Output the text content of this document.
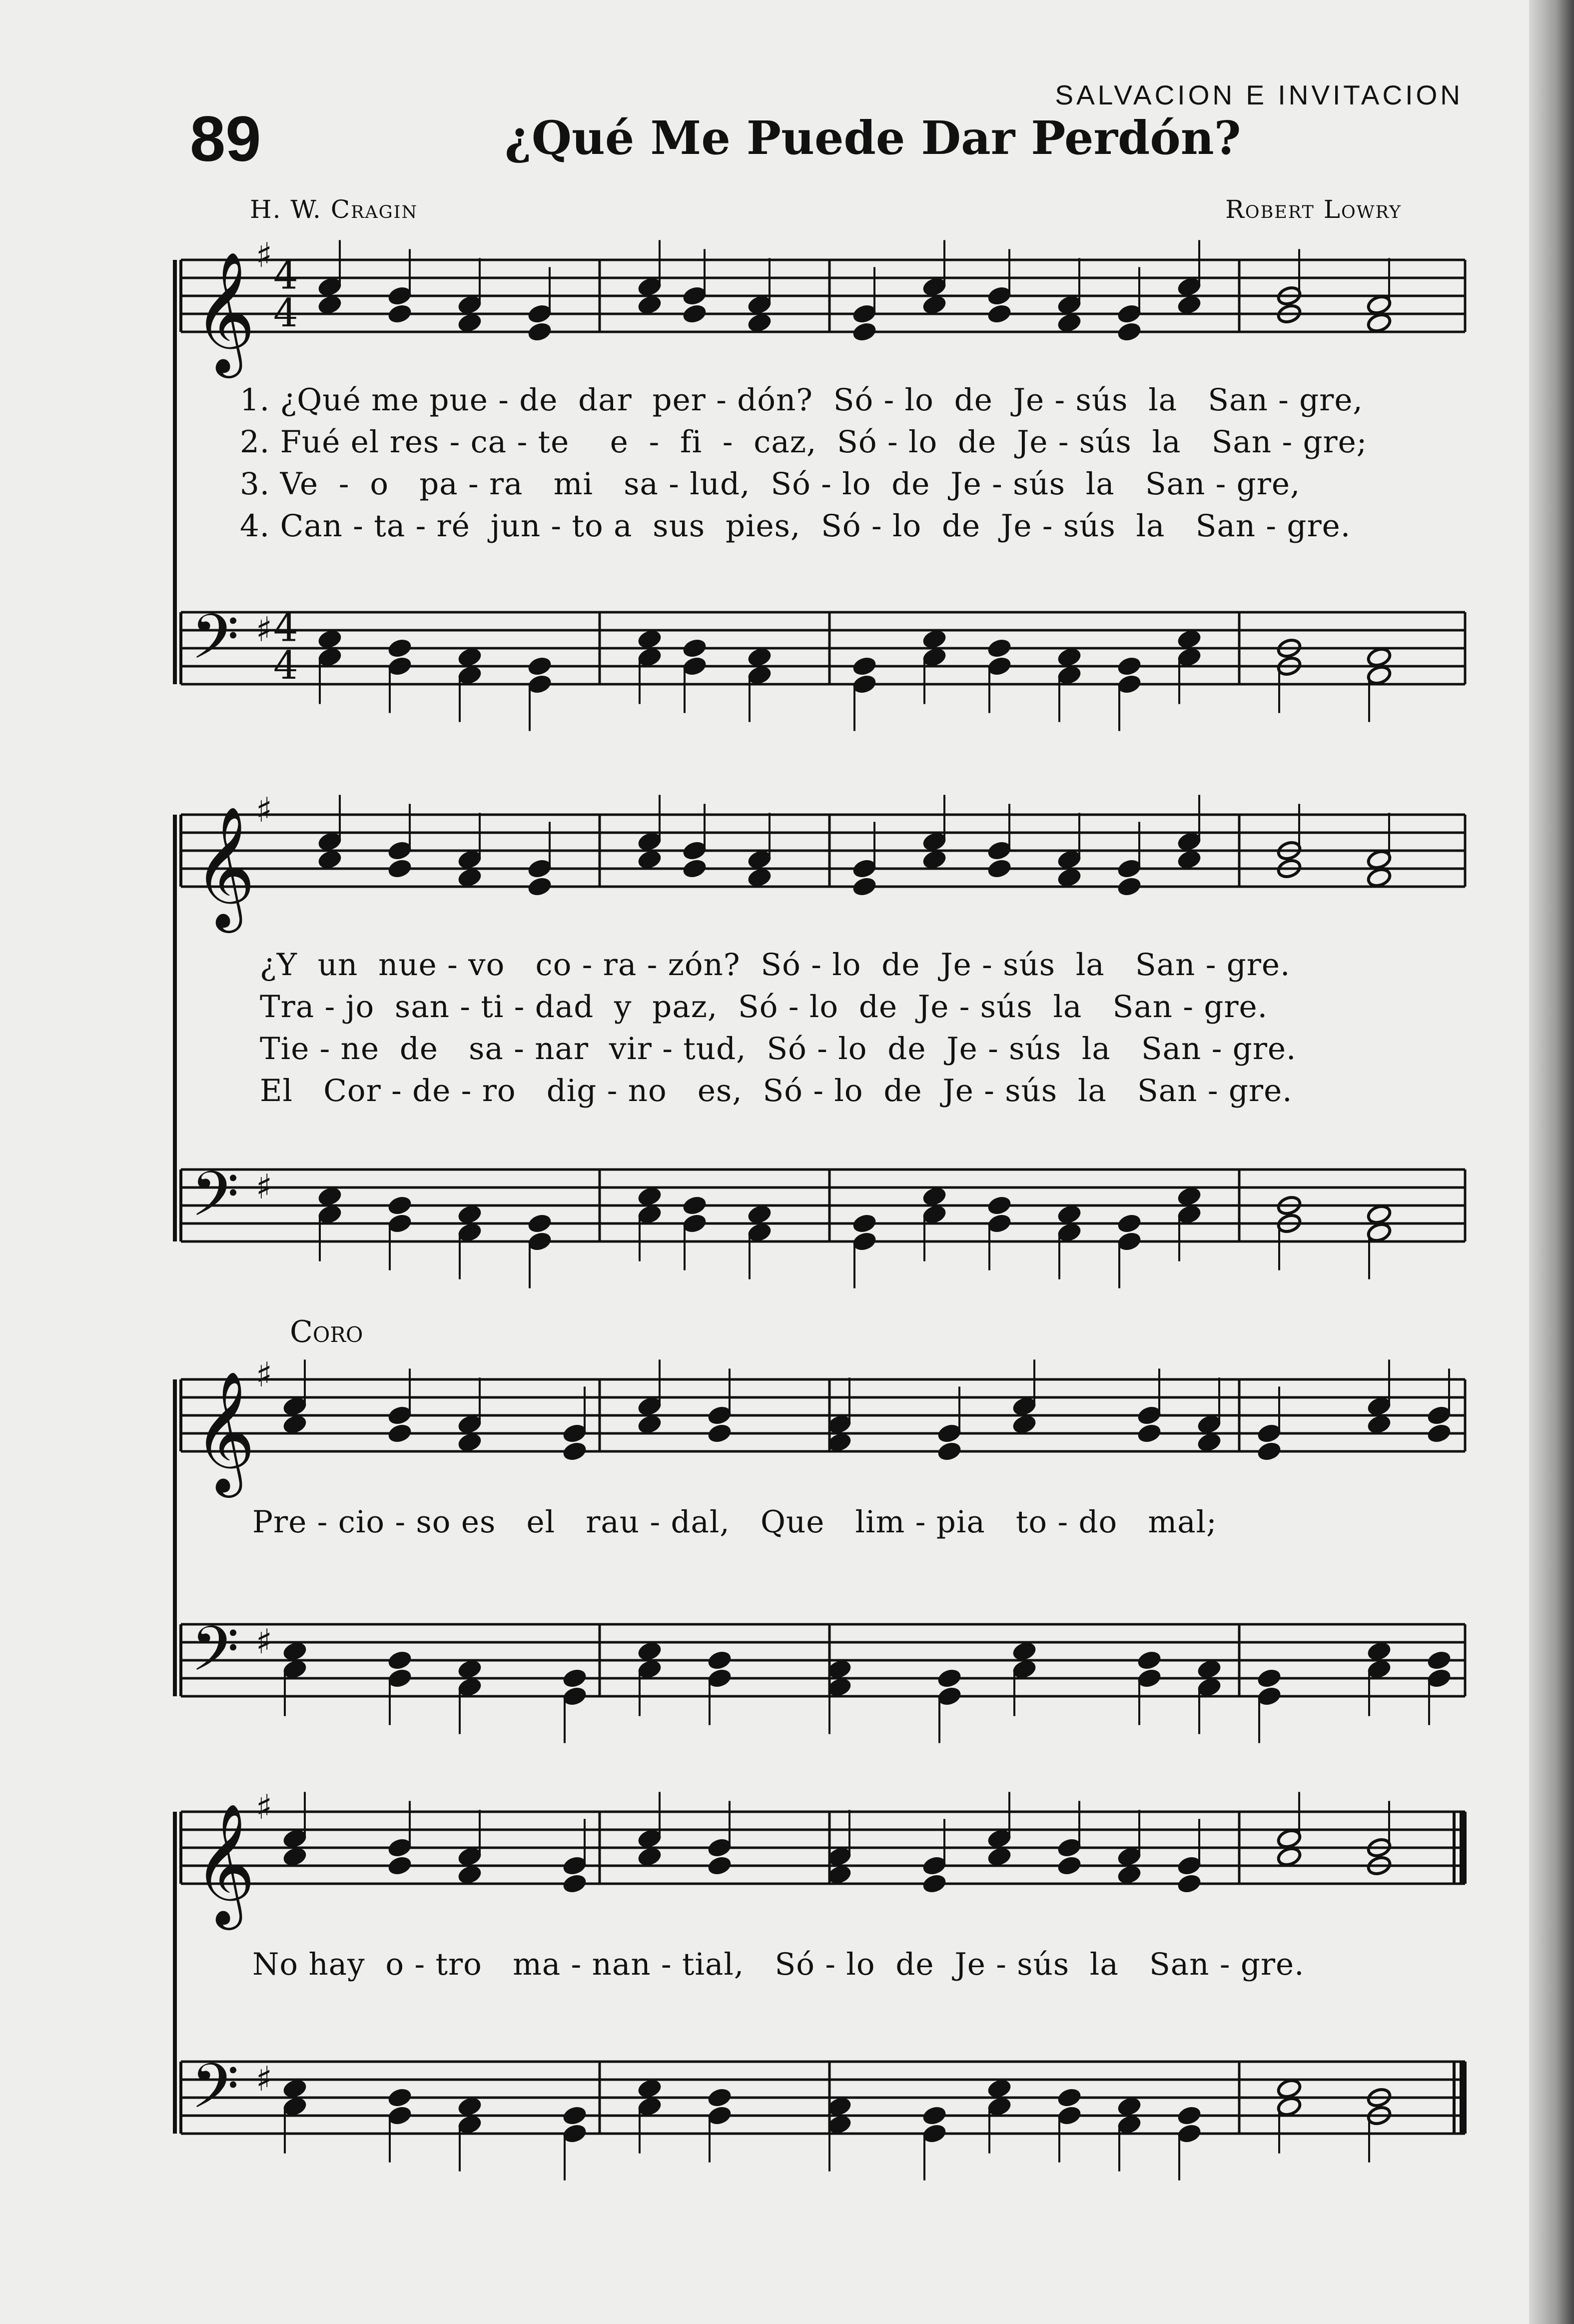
89
SALVACION E INVITACION
¿Qué Me Puede Dar Perdón?
H. W. Cragin	Robert Lowry
Coro
𝄞 ♯ 4
4
𝄢 ♯ 4
4
𝄞 ♯
𝄢 ♯
𝄞 ♯
𝄢 ♯
𝄞 ♯
𝄢 ♯
1. ¿Qué me pue - de  dar  per - dón?  Só - lo  de  Je - sús  la   San - gre,
2. Fué el res - ca - te    e  -  fi  -  caz,  Só - lo  de  Je - sús  la   San - gre;
3. Ve  -  o   pa - ra   mi   sa - lud,  Só - lo  de  Je - sús  la   San - gre,
4. Can - ta - ré  jun - to a  sus  pies,  Só - lo  de  Je - sús  la   San - gre.
¿Y  un  nue - vo   co - ra - zón?  Só - lo  de  Je - sús  la   San - gre.
Tra - jo  san - ti - dad  y  paz,  Só - lo  de  Je - sús  la   San - gre.
Tie - ne  de   sa - nar  vir - tud,  Só - lo  de  Je - sús  la   San - gre.
El   Cor - de - ro   dig - no   es,  Só - lo  de  Je - sús  la   San - gre.
Pre - cio - so es   el   rau - dal,   Que   lim - pia   to - do   mal;
No hay  o - tro   ma - nan - tial,   Só - lo  de  Je - sús  la   San - gre.
